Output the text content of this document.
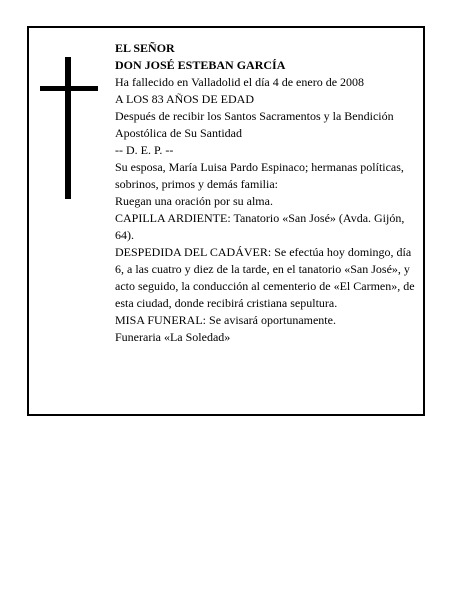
EL SEÑOR

DON JOSÉ ESTEBAN GARCÍA

Ha fallecido en Valladolid el día 4 de enero de 2008

A LOS 83 AÑOS DE EDAD

Después de recibir los Santos Sacramentos y la Bendición Apostólica de Su Santidad

-- D. E. P. --

Su esposa, María Luisa Pardo Espinaco; hermanas políticas, sobrinos, primos y demás familia:

Ruegan una oración por su alma.

CAPILLA ARDIENTE: Tanatorio «San José» (Avda. Gijón, 64).

DESPEDIDA DEL CADÁVER: Se efectúa hoy domingo, día 6, a las cuatro y diez de la tarde, en el tanatorio «San José», y acto seguido, la conducción al cementerio de «El Carmen», de esta ciudad, donde recibirá cristiana sepultura.

MISA FUNERAL: Se avisará oportunamente.

Funeraria «La Soledad»
